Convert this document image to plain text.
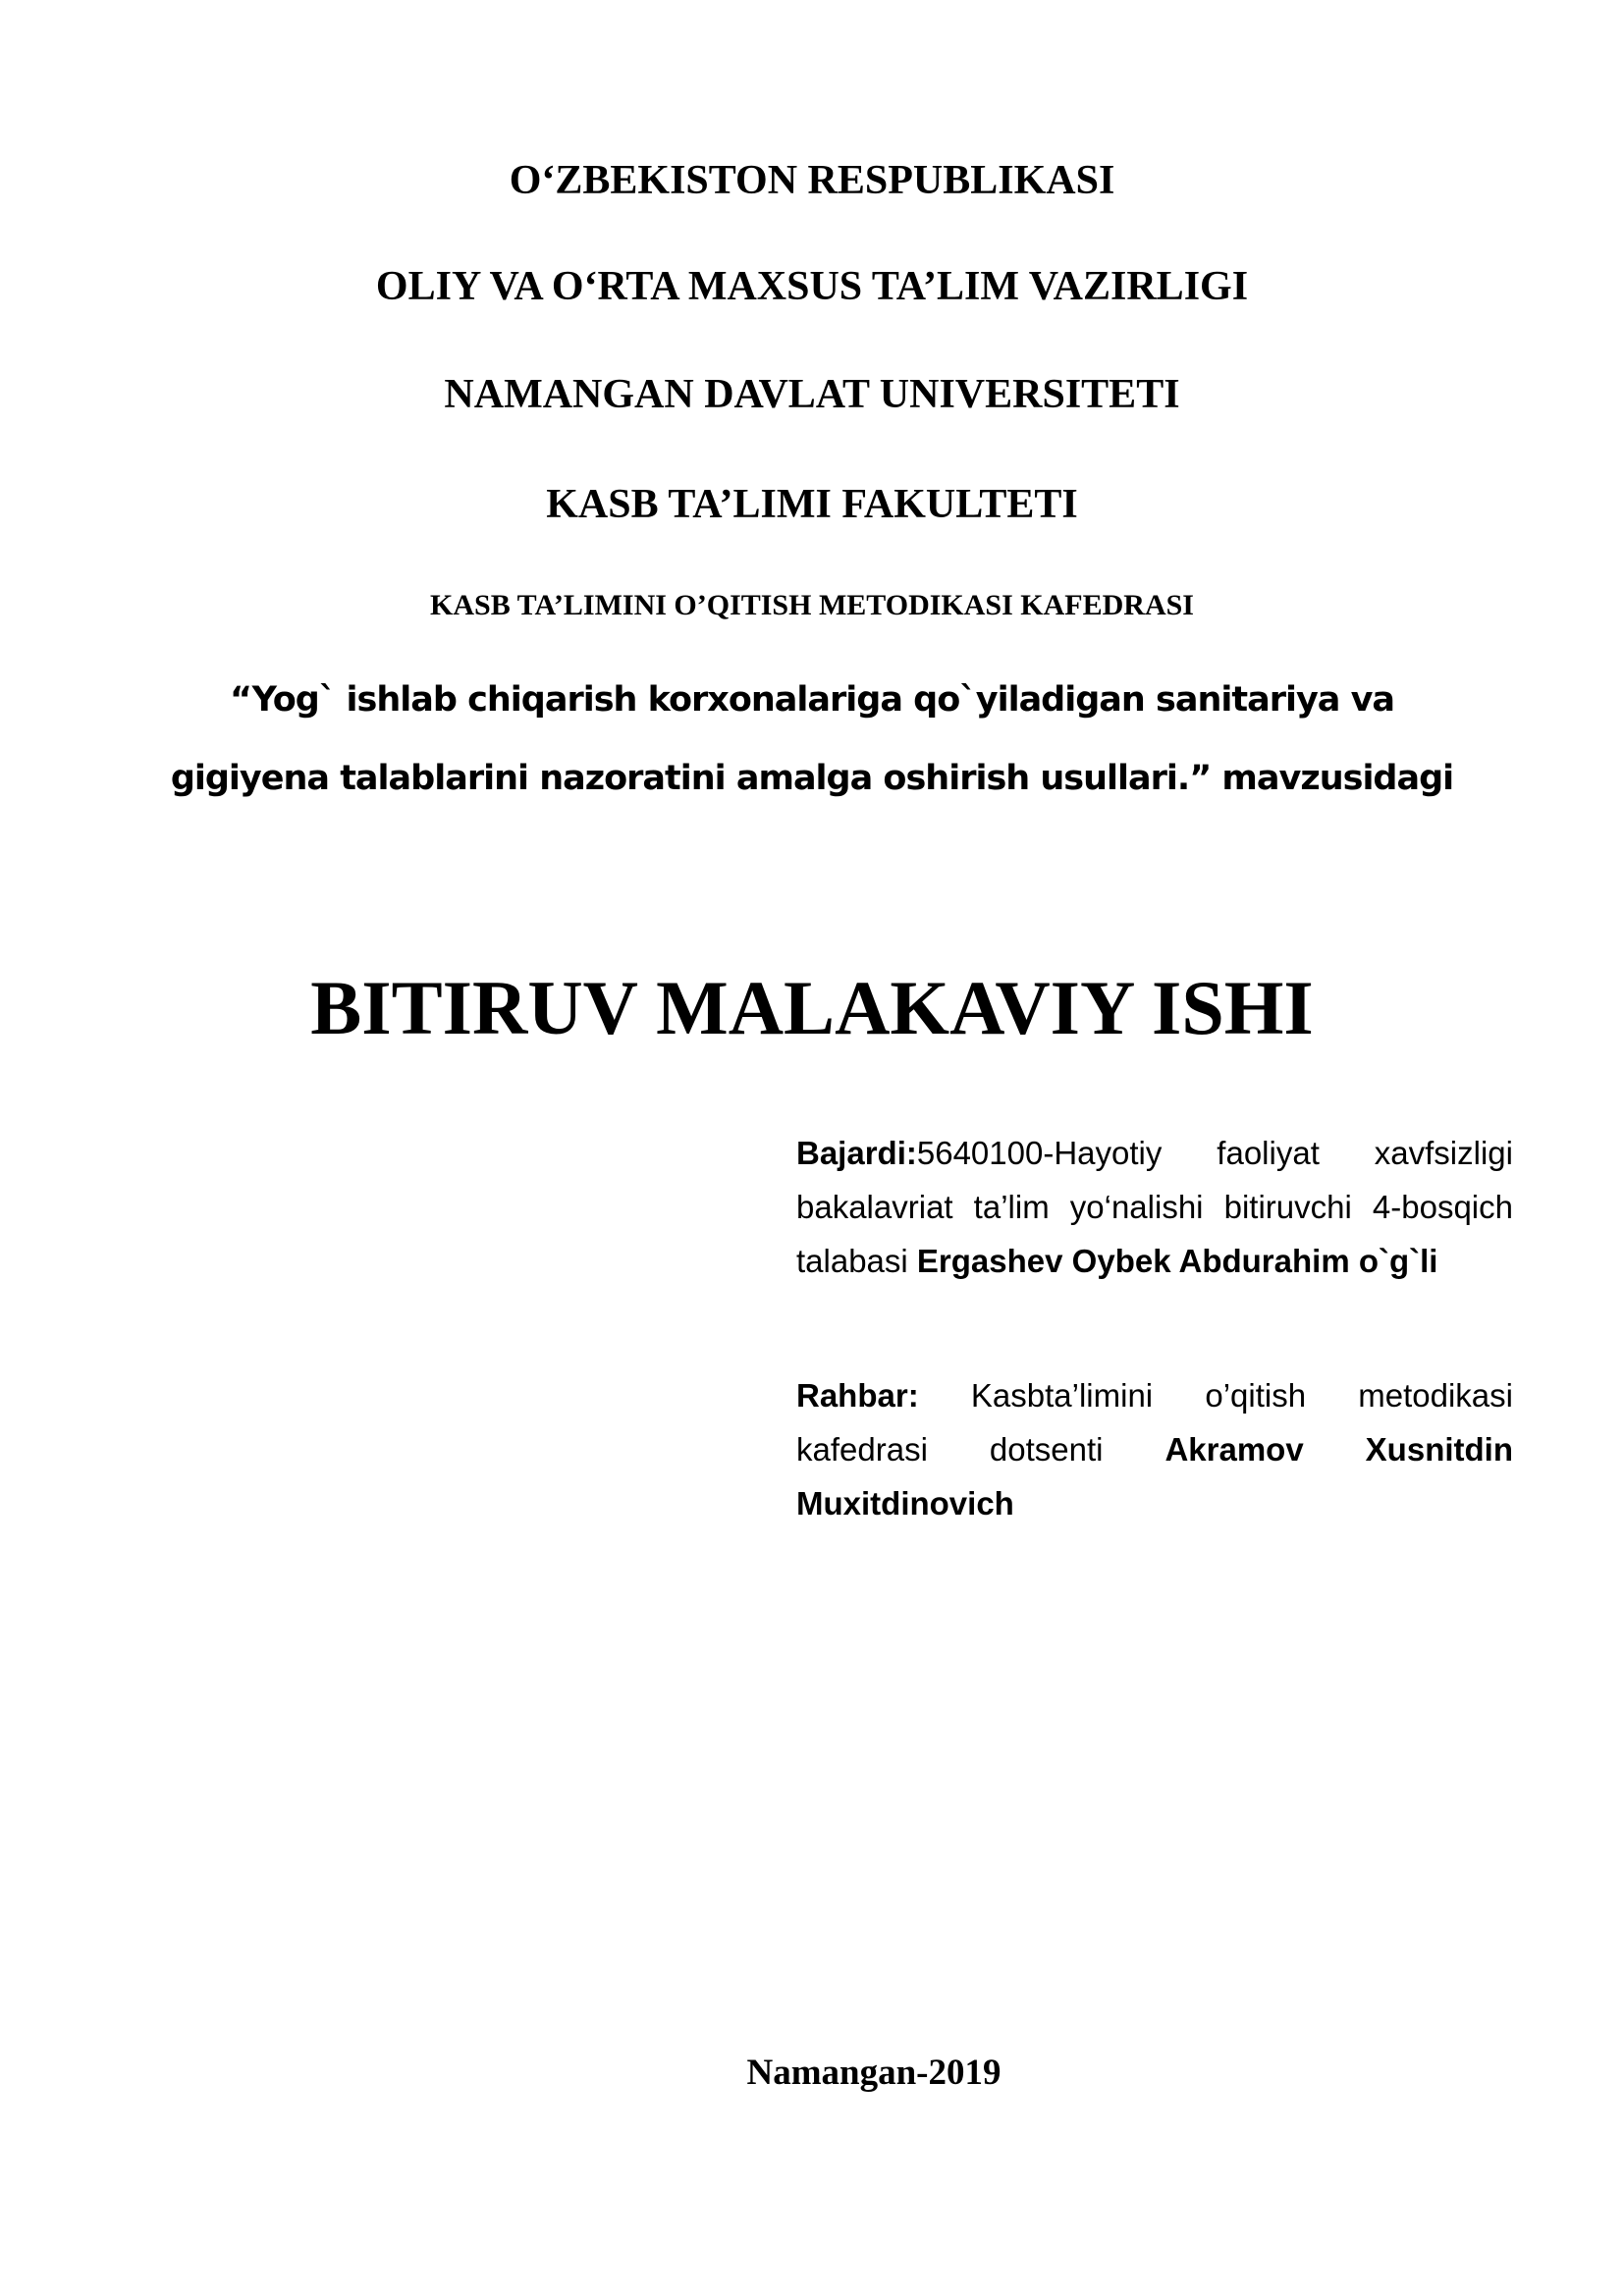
O‘ZBEKISTON RESPUBLIKASI
OLIY VA O‘RTA MAXSUS TA’LIM VAZIRLIGI
NAMANGAN DAVLAT UNIVERSITETI
KASB TA’LIMI FAKULTETI
KASB TA’LIMINI O’QITISH METODIKASI KAFEDRASI
“Yog` ishlab chiqarish korxonalariga qo`yiladigan sanitariya va
gigiyena talablarini nazoratini amalga oshirish usullari.” mavzusidagi
BITIRUV MALAKAVIY ISHI
Bajardi:5640100-Hayotiy faoliyat xavfsizligi bakalavriat ta’lim yo‘nalishi bitiruvchi 4-bosqich talabasi Ergashev Oybek Abdurahim o`g`li
Rahbar: Kasbta’limini o’qitish metodikasi kafedrasi dotsenti Akramov Xusnitdin Muxitdinovich
Namangan-2019
